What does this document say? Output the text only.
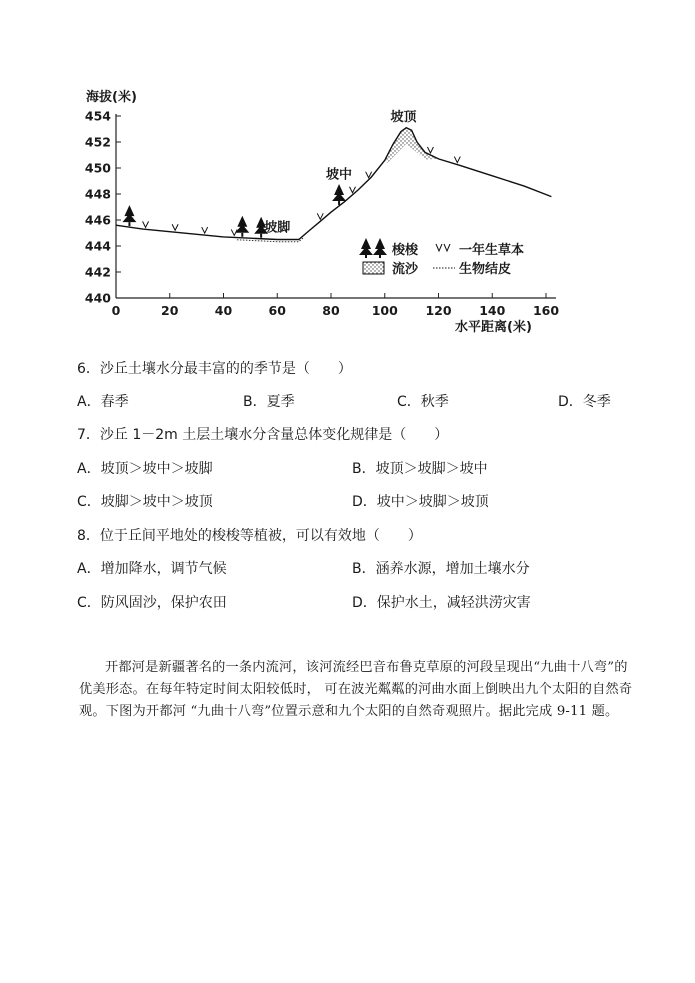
海拔(米)
水平距离(米)
440
442
444
446
448
450
452
454
0	20	40	60	80	100 120 140 160
坡顶
坡中
坡脚
梭梭	一年生草本
流沙	生物结皮
6．沙丘土壤水分最丰富的的季节是（　　）
A．春季	B．夏季	C．秋季	D．冬季
7．沙丘 1－2m 土层土壤水分含量总体变化规律是（　　）
A．坡顶＞坡中＞坡脚	B．坡顶＞坡脚＞坡中
C．坡脚＞坡中＞坡顶	D．坡中＞坡脚＞坡顶
8．位于丘间平地处的梭梭等植被，可以有效地（　　）
A．增加降水，调节气候	B．涵养水源，增加土壤水分
C．防风固沙，保护农田	D．保护水土，减轻洪涝灾害
开都河是新疆著名的一条内流河，该河流经巴音布鲁克草原的河段呈现出“九曲十八弯”的优美形态。在每年特定时间太阳较低时， 可在波光粼粼的河曲水面上倒映出九个太阳的自然奇观。下图为开都河 “九曲十八弯”位置示意和九个太阳的自然奇观照片。据此完成 9-11 题。
